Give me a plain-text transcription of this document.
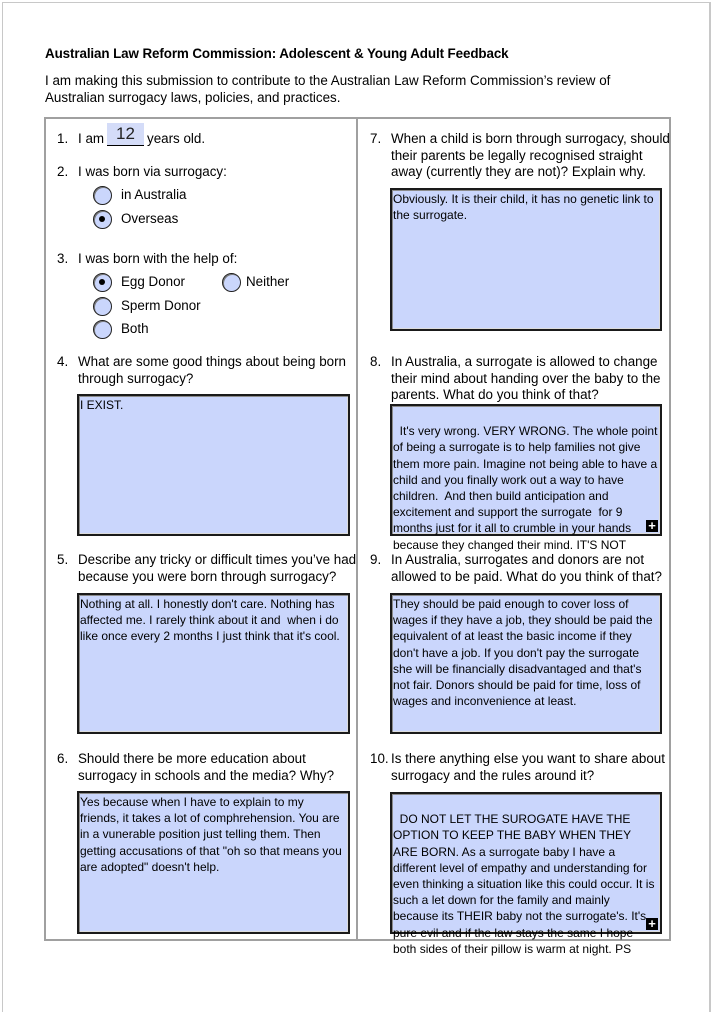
Australian Law Reform Commission: Adolescent & Young Adult Feedback
I am making this submission to contribute to the Australian Law Reform Commission’s review of
Australian surrogacy laws, policies, and practices.
1. I am 12 years old.
2. I was born via surrogacy:
in Australia
Overseas
3. I was born with the help of:
Egg Donor
Sperm Donor
Both
Neither
4. What are some good things about being born
through surrogacy?
I EXIST.
5. Describe any tricky or difficult times you’ve had
because you were born through surrogacy?
Nothing at all. I honestly don't care. Nothing has
affected me. I rarely think about it and  when i do
like once every 2 months I just think that it's cool.
6. Should there be more education about
surrogacy in schools and the media? Why?
Yes because when I have to explain to my
friends, it takes a lot of comphrehension. You are
in a vunerable position just telling them. Then
getting accusations of that "oh so that means you
are adopted" doesn't help.
7. When a child is born through surrogacy, should
their parents be legally recognised straight
away (currently they are not)? Explain why.
Obviously. It is their child, it has no genetic link to
the surrogate.
8. In Australia, a surrogate is allowed to change
their mind about handing over the baby to the
parents. What do you think of that?

It's very wrong. VERY WRONG. The whole point
of being a surrogate is to help families not give
them more pain. Imagine not being able to have a
child and you finally work out a way to have
children.  And then build anticipation and
excitement and support the surrogate  for 9
months just for it all to crumble in your hands
because they changed their mind. IT'S NOT

+

9. In Australia, surrogates and donors are not
allowed to be paid. What do you think of that?
They should be paid enough to cover loss of
wages if they have a job, they should be paid the
equivalent of at least the basic income if they
don't have a job. If you don't pay the surrogate
she will be financially disadvantaged and that's
not fair. Donors should be paid for time, loss of
wages and inconvenience at least.
10. Is there anything else you want to share about
surrogacy and the rules around it?

DO NOT LET THE SUROGATE HAVE THE
OPTION TO KEEP THE BABY WHEN THEY
ARE BORN. As a surrogate baby I have a
different level of empathy and understanding for
even thinking a situation like this could occur. It is
such a let down for the family and mainly
because its THEIR baby not the surrogate's. It's
pure evil and if the law stays the same I hope
both sides of their pillow is warm at night. PS

+
